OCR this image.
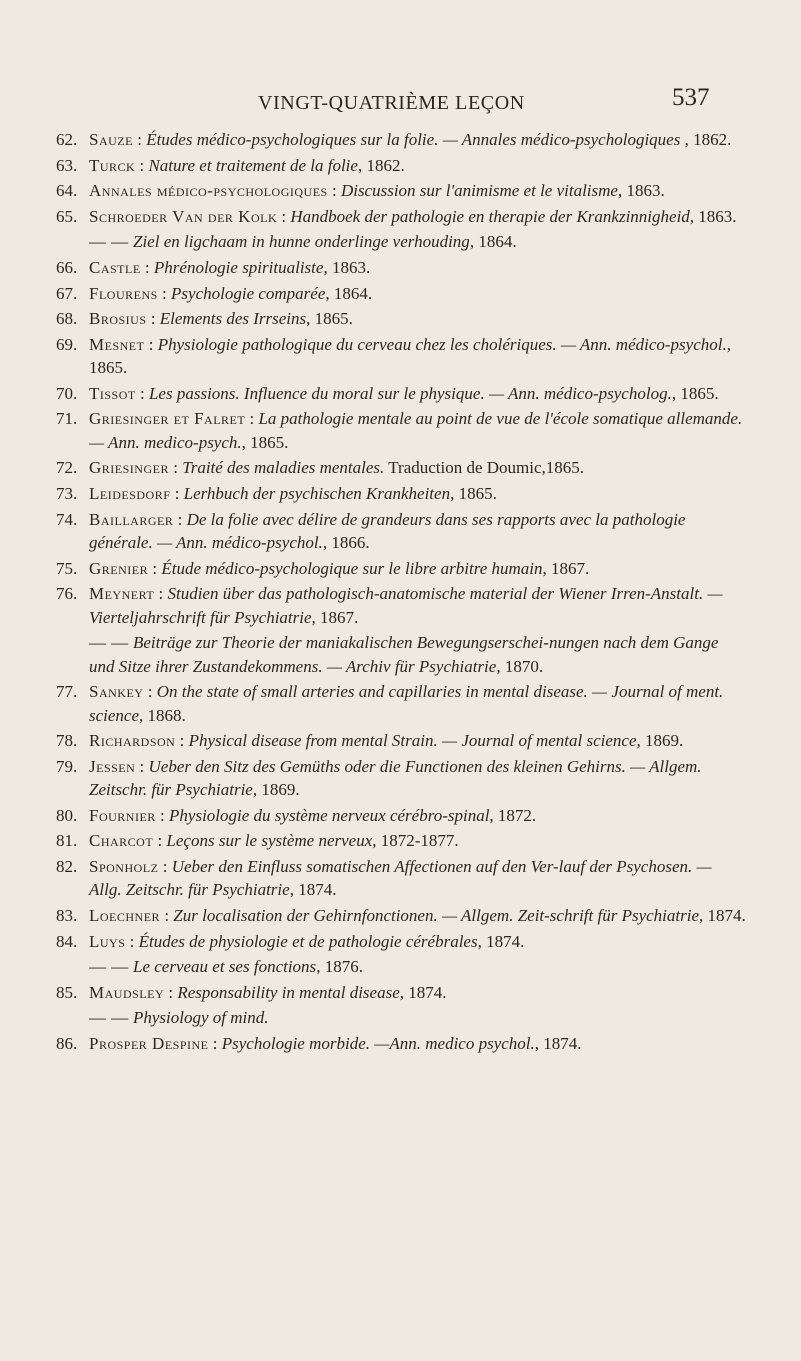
VINGT-QUATRIÈME LEÇON	537
62. Sauze : Études médico-psychologiques sur la folie. — Annales médico-psychologiques , 1862.
63. Turck : Nature et traitement de la folie, 1862.
64. Annales médico-psychologiques : Discussion sur l'animisme et le vitalisme, 1863.
65. Schroeder Van der Kolk : Handboek der pathologie en therapie der Krankzinnigheid, 1863.
— — Ziel en ligchaam in hunne onderlinge verhouding, 1864.
66. Castle : Phrénologie spiritualiste, 1863.
67. Flourens : Psychologie comparée, 1864.
68. Brosius : Elements des Irrseins, 1865.
69. Mesnet : Physiologie pathologique du cerveau chez les cholériques. — Ann. médico-psychol., 1865.
70. Tissot : Les passions. Influence du moral sur le physique. — Ann. médico-psycholog., 1865.
71. Griesinger et Falret : La pathologie mentale au point de vue de l'école somatique allemande. — Ann. medico-psych., 1865.
72. Griesinger : Traité des maladies mentales. Traduction de Doumic,1865.
73. Leidesdorf : Lerhbuch der psychischen Krankheiten, 1865.
74. Baillarger : De la folie avec délire de grandeurs dans ses rapports avec la pathologie générale. — Ann. médico-psychol., 1866.
75. Grenier : Étude médico-psychologique sur le libre arbitre humain, 1867.
76. Meynert : Studien über das pathologisch-anatomische material der Wiener Irren-Anstalt. — Vierteljahrschrift für Psychiatrie, 1867.
— — Beiträge zur Theorie der maniakalischen Bewegungserschei-nungen nach dem Gange und Sitze ihrer Zustandekommens. — Archiv für Psychiatrie, 1870.
77. Sankey : On the state of small arteries and capillaries in mental disease. — Journal of ment. science, 1868.
78. Richardson : Physical disease from mental Strain. — Journal of mental science, 1869.
79. Jessen : Ueber den Sitz des Gemüths oder die Functionen des kleinen Gehirns. — Allgem. Zeitschr. für Psychiatrie, 1869.
80. Fournier : Physiologie du système nerveux cérébro-spinal, 1872.
81. Charcot : Leçons sur le système nerveux, 1872-1877.
82. Sponholz : Ueber den Einfluss somatischen Affectionen auf den Ver-lauf der Psychosen. — Allg. Zeitschr. für Psychiatrie, 1874.
83. Loechner : Zur localisation der Gehirnfonctionen. — Allgem. Zeit-schrift für Psychiatrie, 1874.
84. Luys : Études de physiologie et de pathologie cérébrales, 1874.
— — Le cerveau et ses fonctions, 1876.
85. Maudsley : Responsability in mental disease, 1874.
— — Physiology of mind.
86. Prosper Despine : Psychologie morbide. —Ann. medico psychol., 1874.
